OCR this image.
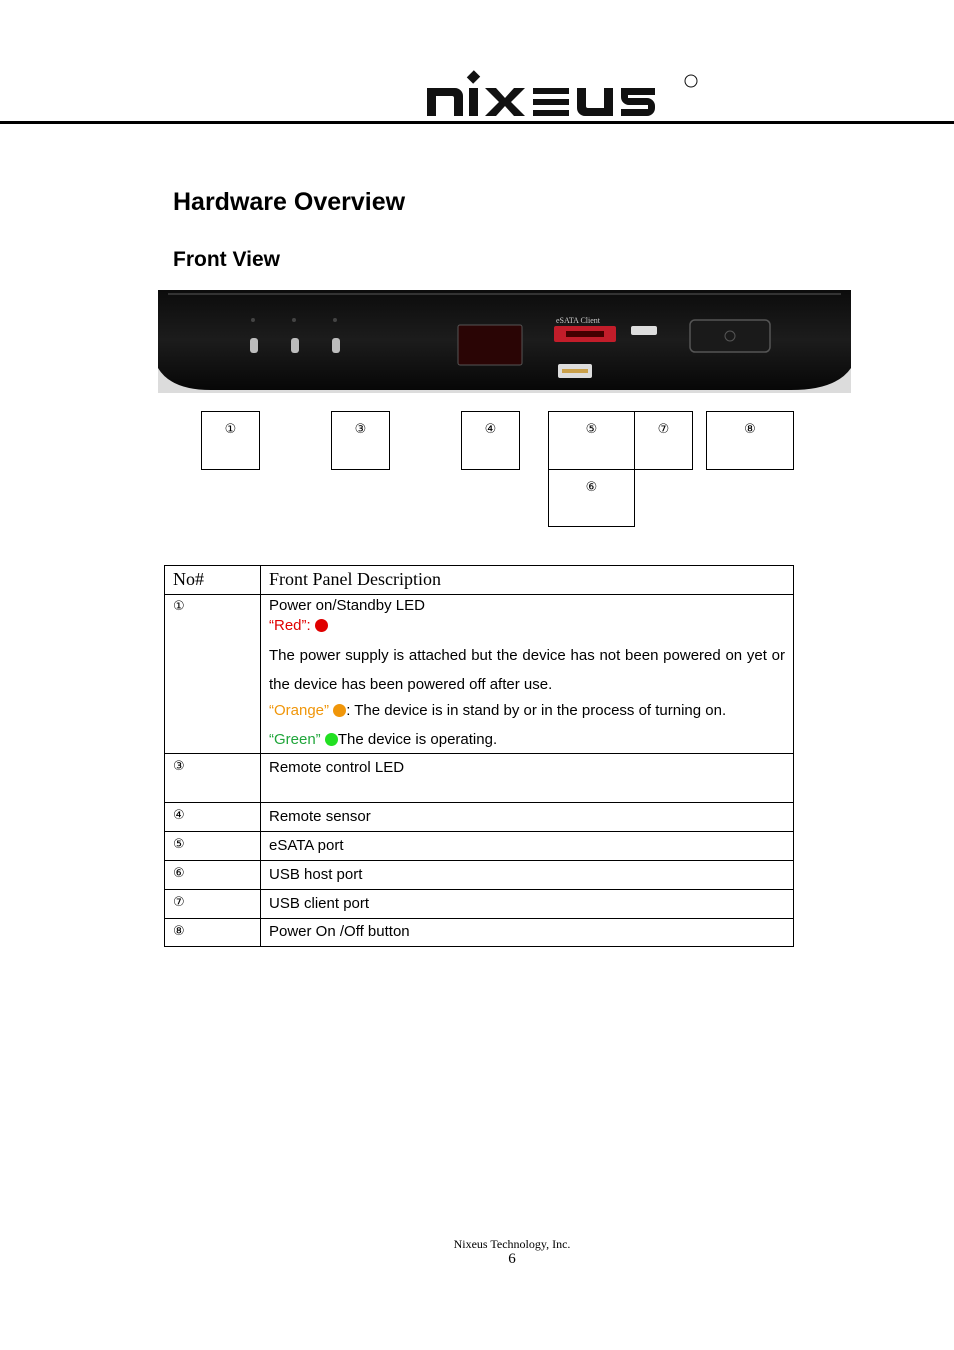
Hardware Overview
Front View
eSATA Client
①	③	④	⑤	⑦	⑧
⑥
No#	Front Panel Description
①	Power on/Standby LED
“Red”:
The power supply is attached but the device has not been powered on yet or the device has been powered off after use.
“Orange” : The device is in stand by or in the process of turning on.
“Green” The device is operating.

③	Remote control LED
④	Remote sensor
⑤	eSATA port
⑥	USB host port
⑦	USB client port
⑧	Power On /Off button
Nixeus Technology, Inc.
6
